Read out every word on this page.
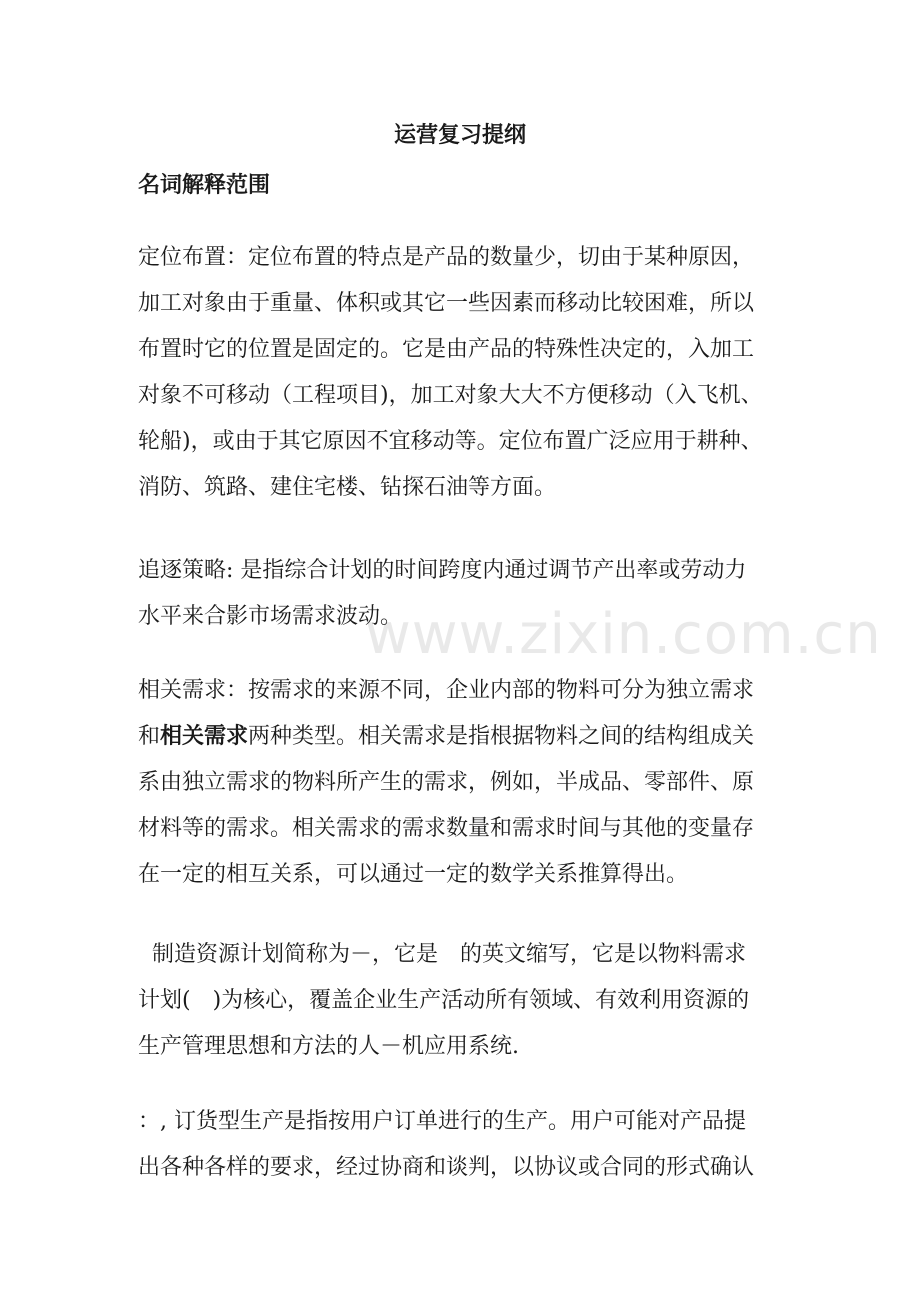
www.zixin.com.cn
运营复习提纲
名词解释范围
定位布置：定位布置的特点是产品的数量少，切由于某种原因，
加工对象由于重量、体积或其它一些因素而移动比较困难，所以
布置时它的位置是固定的。它是由产品的特殊性决定的，入加工
对象不可移动（工程项目)，加工对象大大不方便移动（入飞机、
轮船)，或由于其它原因不宜移动等。定位布置广泛应用于耕种、
消防、筑路、建住宅楼、钻探石油等方面。
追逐策略: 是指综合计划的时间跨度内通过调节产出率或劳动力
水平来合影市场需求波动。
相关需求：按需求的来源不同，企业内部的物料可分为独立需求
和相关需求两种类型。相关需求是指根据物料之间的结构组成关
系由独立需求的物料所产生的需求，例如，半成品、零部件、原
材料等的需求。相关需求的需求数量和需求时间与其他的变量存
在一定的相互关系，可以通过一定的数学关系推算得出。
制造资源计划简称为－，它是　的英文缩写，它是以物料需求
计划(　)为核心，覆盖企业生产活动所有领域、有效利用资源的
生产管理思想和方法的人－机应用系统.
：, 订货型生产是指按用户订单进行的生产。用户可能对产品提
出各种各样的要求，经过协商和谈判，以协议或合同的形式确认
